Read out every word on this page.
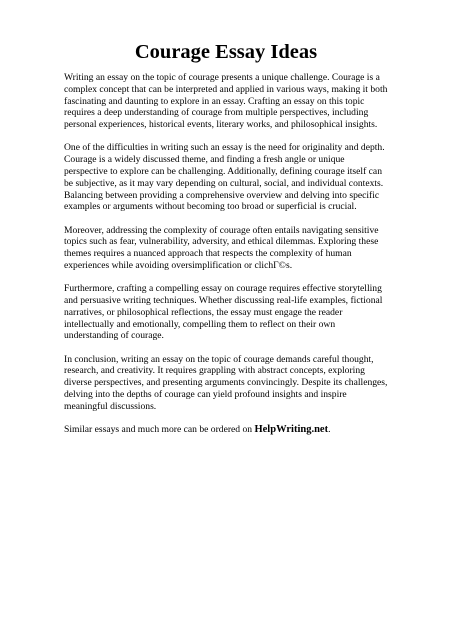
Courage Essay Ideas

Writing an essay on the topic of courage presents a unique challenge. Courage is a complex concept that can be interpreted and applied in various ways, making it both fascinating and daunting to explore in an essay. Crafting an essay on this topic requires a deep understanding of courage from multiple perspectives, including personal experiences, historical events, literary works, and philosophical insights.

One of the difficulties in writing such an essay is the need for originality and depth. Courage is a widely discussed theme, and finding a fresh angle or unique perspective to explore can be challenging. Additionally, defining courage itself can be subjective, as it may vary depending on cultural, social, and individual contexts. Balancing between providing a comprehensive overview and delving into specific examples or arguments without becoming too broad or superficial is crucial.

Moreover, addressing the complexity of courage often entails navigating sensitive topics such as fear, vulnerability, adversity, and ethical dilemmas. Exploring these themes requires a nuanced approach that respects the complexity of human experiences while avoiding oversimplification or clichГ©s.

Furthermore, crafting a compelling essay on courage requires effective storytelling and persuasive writing techniques. Whether discussing real-life examples, fictional narratives, or philosophical reflections, the essay must engage the reader intellectually and emotionally, compelling them to reflect on their own understanding of courage.

In conclusion, writing an essay on the topic of courage demands careful thought, research, and creativity. It requires grappling with abstract concepts, exploring diverse perspectives, and presenting arguments convincingly. Despite its challenges, delving into the depths of courage can yield profound insights and inspire meaningful discussions.

Similar essays and much more can be ordered on HelpWriting.net.
